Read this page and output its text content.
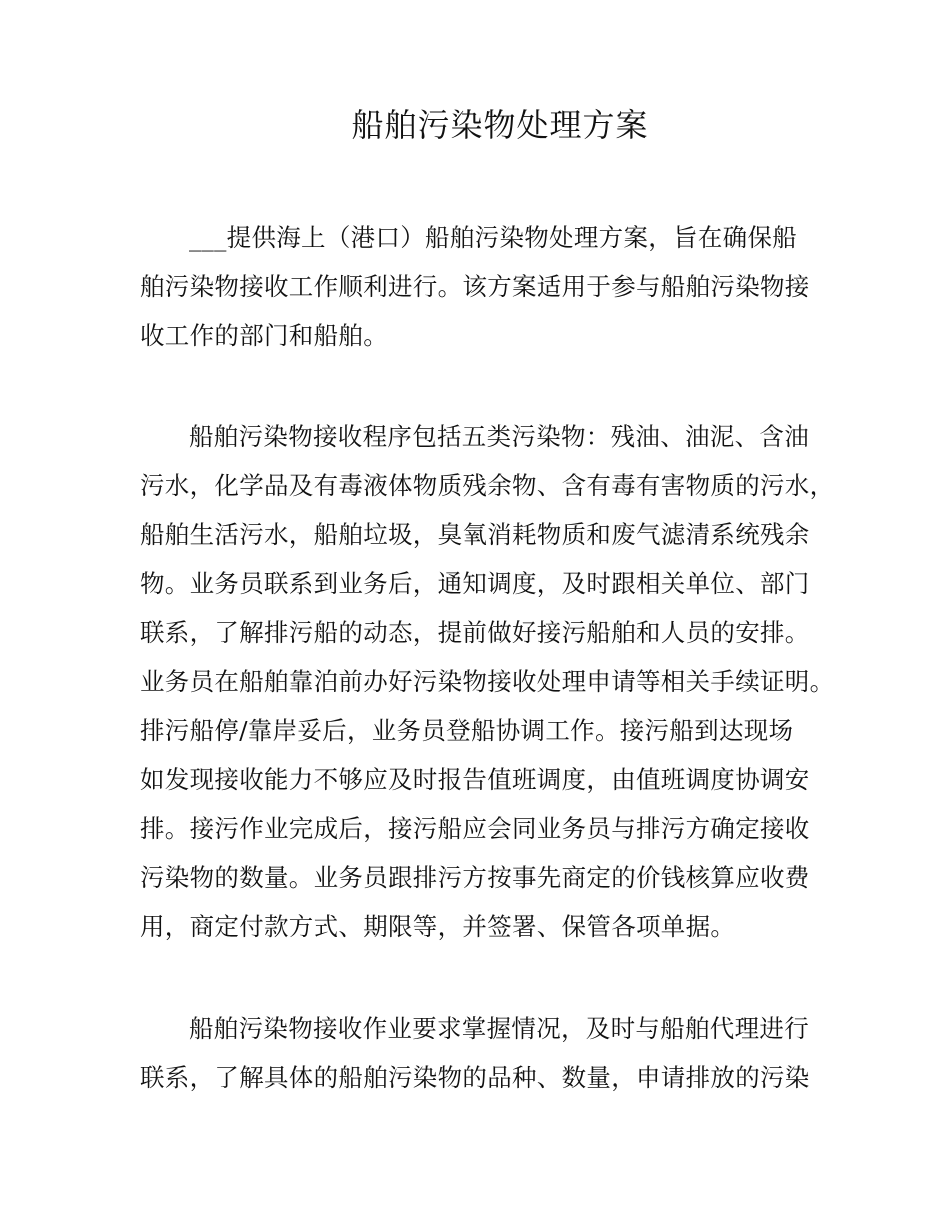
船舶污染物处理方案
___提供海上（港口）船舶污染物处理方案，旨在确保船
舶污染物接收工作顺利进行。该方案适用于参与船舶污染物接
收工作的部门和船舶。
船舶污染物接收程序包括五类污染物：残油、油泥、含油
污水，化学品及有毒液体物质残余物、含有毒有害物质的污水，
船舶生活污水，船舶垃圾，臭氧消耗物质和废气滤清系统残余
物。业务员联系到业务后，通知调度，及时跟相关单位、部门
联系，了解排污船的动态，提前做好接污船舶和人员的安排。
业务员在船舶靠泊前办好污染物接收处理申请等相关手续证明。
排污船停/靠岸妥后，业务员登船协调工作。接污船到达现场
如发现接收能力不够应及时报告值班调度，由值班调度协调安
排。接污作业完成后，接污船应会同业务员与排污方确定接收
污染物的数量。业务员跟排污方按事先商定的价钱核算应收费
用，商定付款方式、期限等，并签署、保管各项单据。
船舶污染物接收作业要求掌握情况，及时与船舶代理进行
联系，了解具体的船舶污染物的品种、数量，申请排放的污染
